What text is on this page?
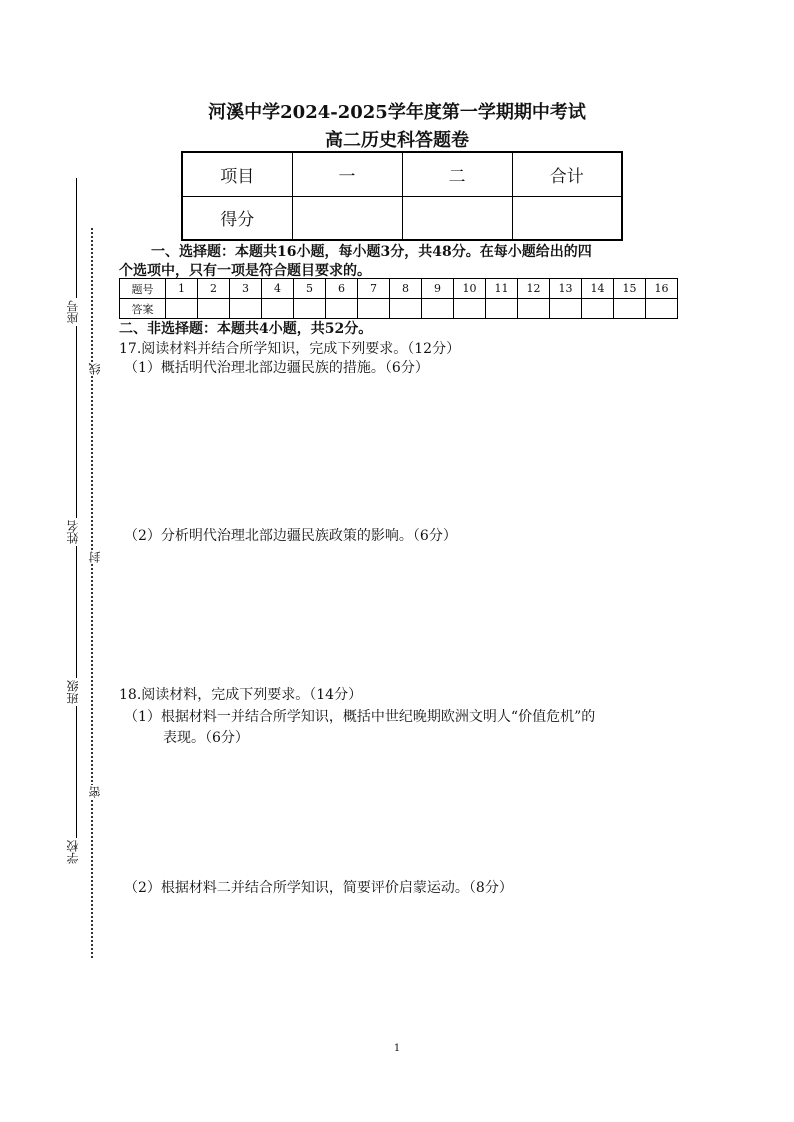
座号
姓名
班级
学校
线
封
密
河溪中学2024-2025学年度第一学期期中考试
高二历史科答题卷
项目	一	二	合计
得分			
一、选择题：本题共16小题，每小题3分，共48分。在每小题给出的四
个选项中，只有一项是符合题目要求的。
题号	1	2	3	4	5	6	7	8	9	10	11	12	13	14	15	16
答案																
二、非选择题：本题共4小题，共52分。
17.阅读材料并结合所学知识，完成下列要求。（12分）
（1）概括明代治理北部边疆民族的措施。（6分）
（2）分析明代治理北部边疆民族政策的影响。（6分）
18.阅读材料，完成下列要求。（14分）
（1）根据材料一并结合所学知识，概括中世纪晚期欧洲文明人“价值危机”的
表现。（6分）
（2）根据材料二并结合所学知识，简要评价启蒙运动。（8分）
1
